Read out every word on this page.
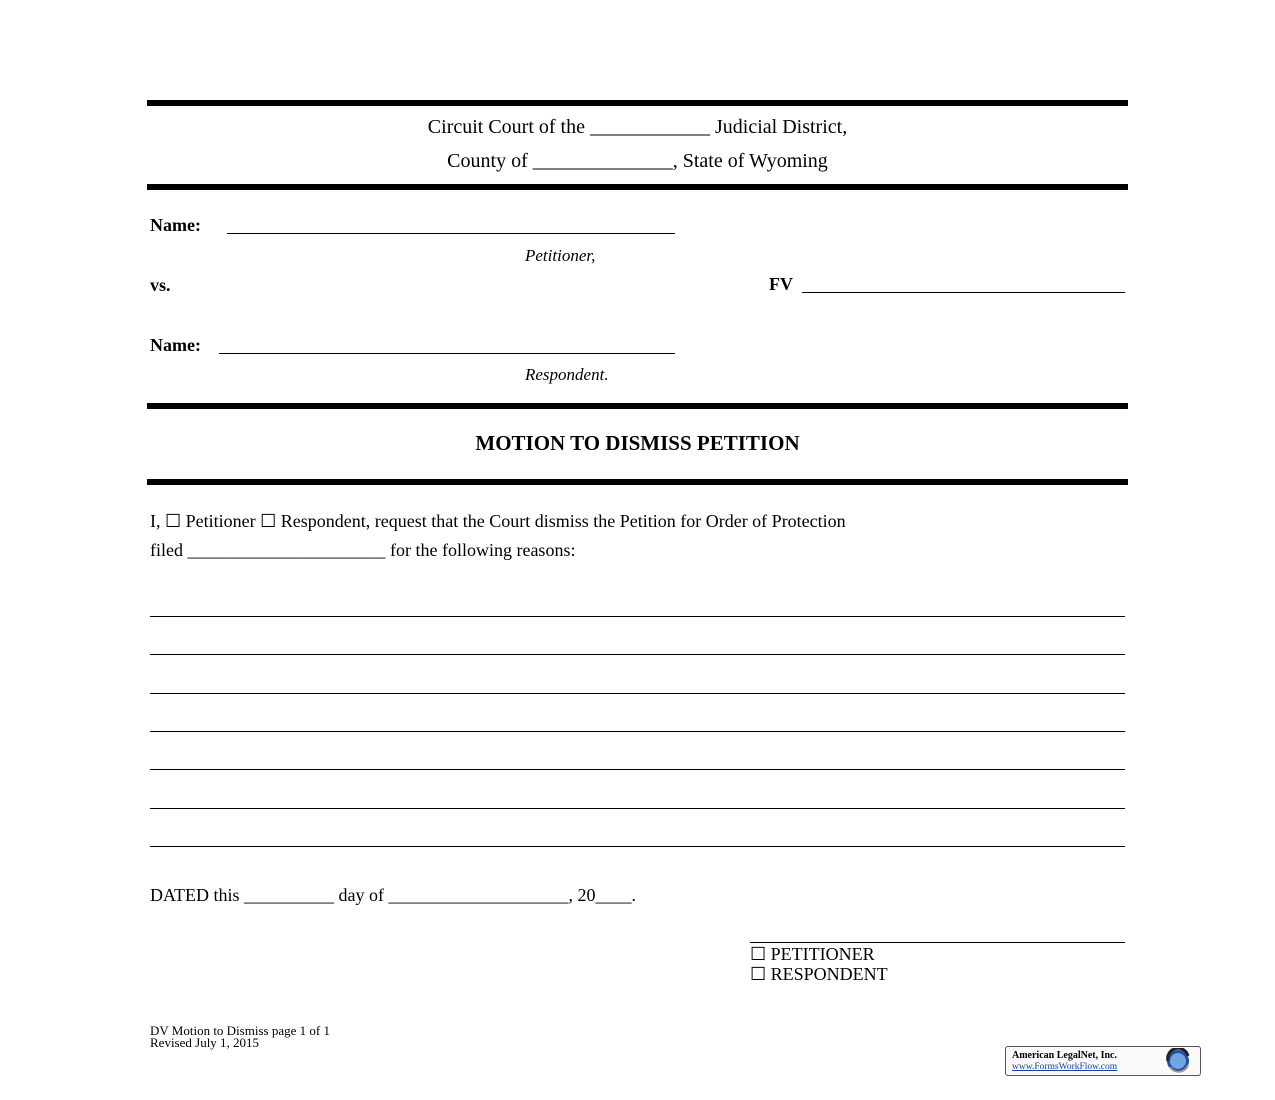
Circuit Court of the ____________ Judicial District,
County of ______________, State of Wyoming
Name:
Petitioner,
vs.	FV
Name:
Respondent.
MOTION TO DISMISS PETITION
I, ☐ Petitioner ☐ Respondent, request that the Court dismiss the Petition for Order of Protection
filed ______________________ for the following reasons:
DATED this __________ day of ____________________, 20____.
☐ PETITIONER
☐ RESPONDENT
DV Motion to Dismiss page 1 of 1
Revised July 1, 2015
American LegalNet, Inc.
www.FormsWorkFlow.com
